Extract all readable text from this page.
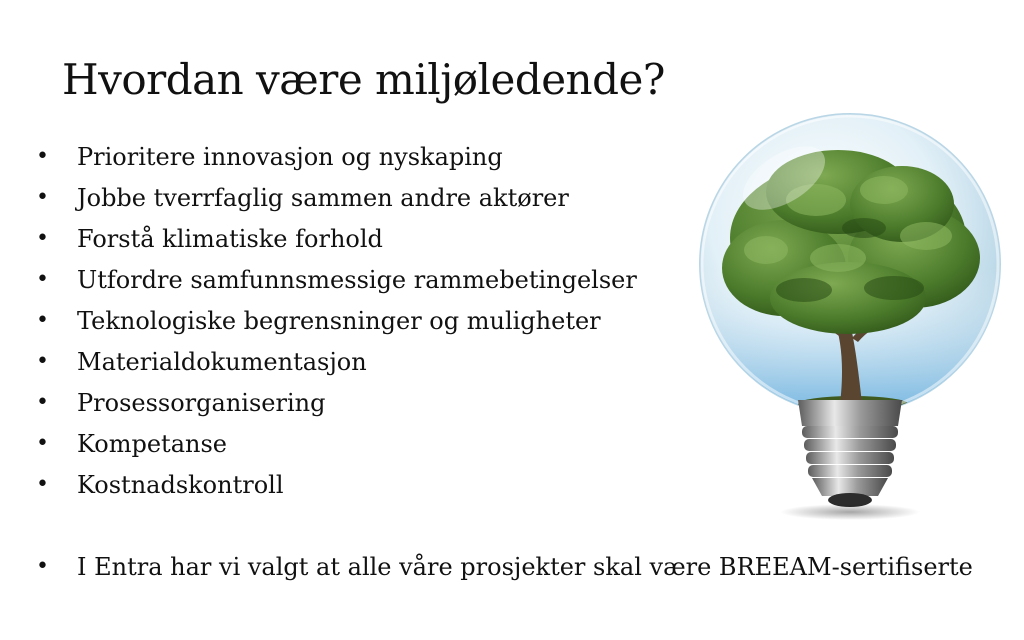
Hvordan være miljøledende?
• Prioritere innovasjon og nyskaping
• Jobbe tverrfaglig sammen andre aktører
• Forstå klimatiske forhold
• Utfordre samfunnsmessige rammebetingelser
• Teknologiske begrensninger og muligheter
• Materialdokumentasjon
• Prosessorganisering
• Kompetanse
• Kostnadskontroll
• I Entra har vi valgt at alle våre prosjekter skal være BREEAM-sertifiserte
